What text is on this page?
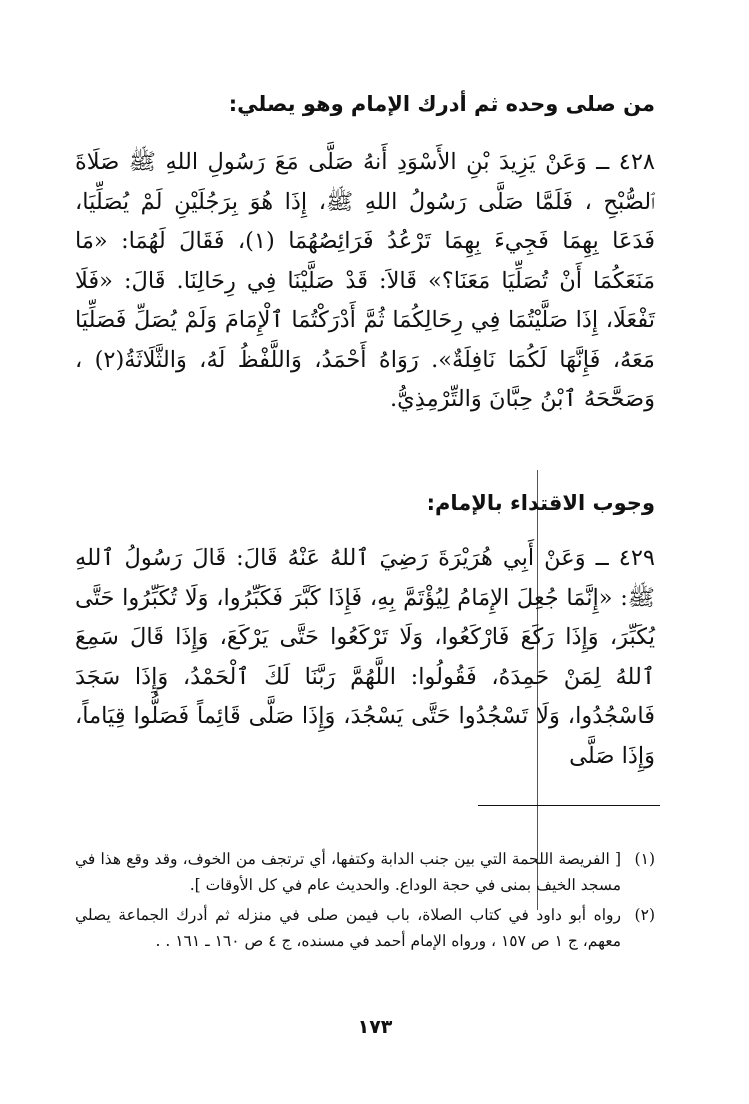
من صلى وحده ثم أدرك الإمام وهو يصلي:
٤٢٨ ــ وَعَنْ يَزِيدَ بْنِ الأَسْوَدِ أَنهُ صَلَّى مَعَ رَسُولِ اللهِ ﷺ صَلَاةَ ٱلصُّبْحِ ، فَلَمَّا صَلَّى رَسُولُ اللهِ ﷺ، إِذَا هُوَ بِرَجُلَيْنِ لَمْ يُصَلِّيَا، فَدَعَا بِهِمَا فَجِيءَ بِهِمَا تَرْعُدُ فَرَائِصُهُمَا (١)، فَقَالَ لَهُمَا: «مَا مَنَعَكُمَا أَنْ تُصَلِّيَا مَعَنَا؟» قَالاَ: قَدْ صَلَّيْنَا فِي رِحَالِنَا. قَالَ: «فَلَا تَفْعَلَا، إِذَا صَلَّيْتُمَا فِي رِحَالِكُمَا ثُمَّ أَدْرَكْتُمَا ٱلْإِمَامَ وَلَمْ يُصَلِّ فَصَلِّيَا مَعَهُ، فَإِنَّهَا لَكُمَا نَافِلَةٌ». رَوَاهُ أَحْمَدُ، وَاللَّفْظُ لَهُ، وَالثَّلَاثَةُ(٢) ، وَصَحَّحَهُ ٱبْنُ حِبَّانَ وَالتِّرْمِذِيُّ.
وجوب الاقتداء بالإمام:
٤٢٩ ــ وَعَنْ أَبِي هُرَيْرَةَ رَضِيَ ٱللهُ عَنْهُ قَالَ: قَالَ رَسُولُ ٱللهِ ﷺ: «إِنَّمَا جُعِلَ الإِمَامُ لِيُؤْتَمَّ بِهِ، فَإِذَا كَبَّرَ فَكَبِّرُوا، وَلَا تُكَبِّرُوا حَتَّى يُكَبِّرَ، وَإِذَا رَكَعَ فَارْكَعُوا، وَلَا تَرْكَعُوا حَتَّى يَرْكَعَ، وَإِذَا قَالَ سَمِعَ ٱللهُ لِمَنْ حَمِدَهُ، فَقُولُوا: اللَّهُمَّ رَبَّنَا لَكَ ٱلْحَمْدُ، وَإِذَا سَجَدَ فَاسْجُدُوا، وَلَا تَسْجُدُوا حَتَّى يَسْجُدَ، وَإِذَا صَلَّى قَائِماً فَصَلُّوا قِيَاماً، وَإِذَا صَلَّى
(١)
[ الفريصة اللحمة التي بين جنب الدابة وكتفها، أي ترتجف من الخوف، وقد وقع هذا في مسجد الخيف بمنى في حجة الوداع. والحديث عام في كل الأوقات ].
(٢)
رواه أبو داود في كتاب الصلاة، باب فيمن صلى في منزله ثم أدرك الجماعة يصلي معهم، ج ١ ص ١٥٧ ، ورواه الإمام أحمد في مسنده، ج ٤ ص ١٦٠ ـ ١٦١ . .
١٧٣
